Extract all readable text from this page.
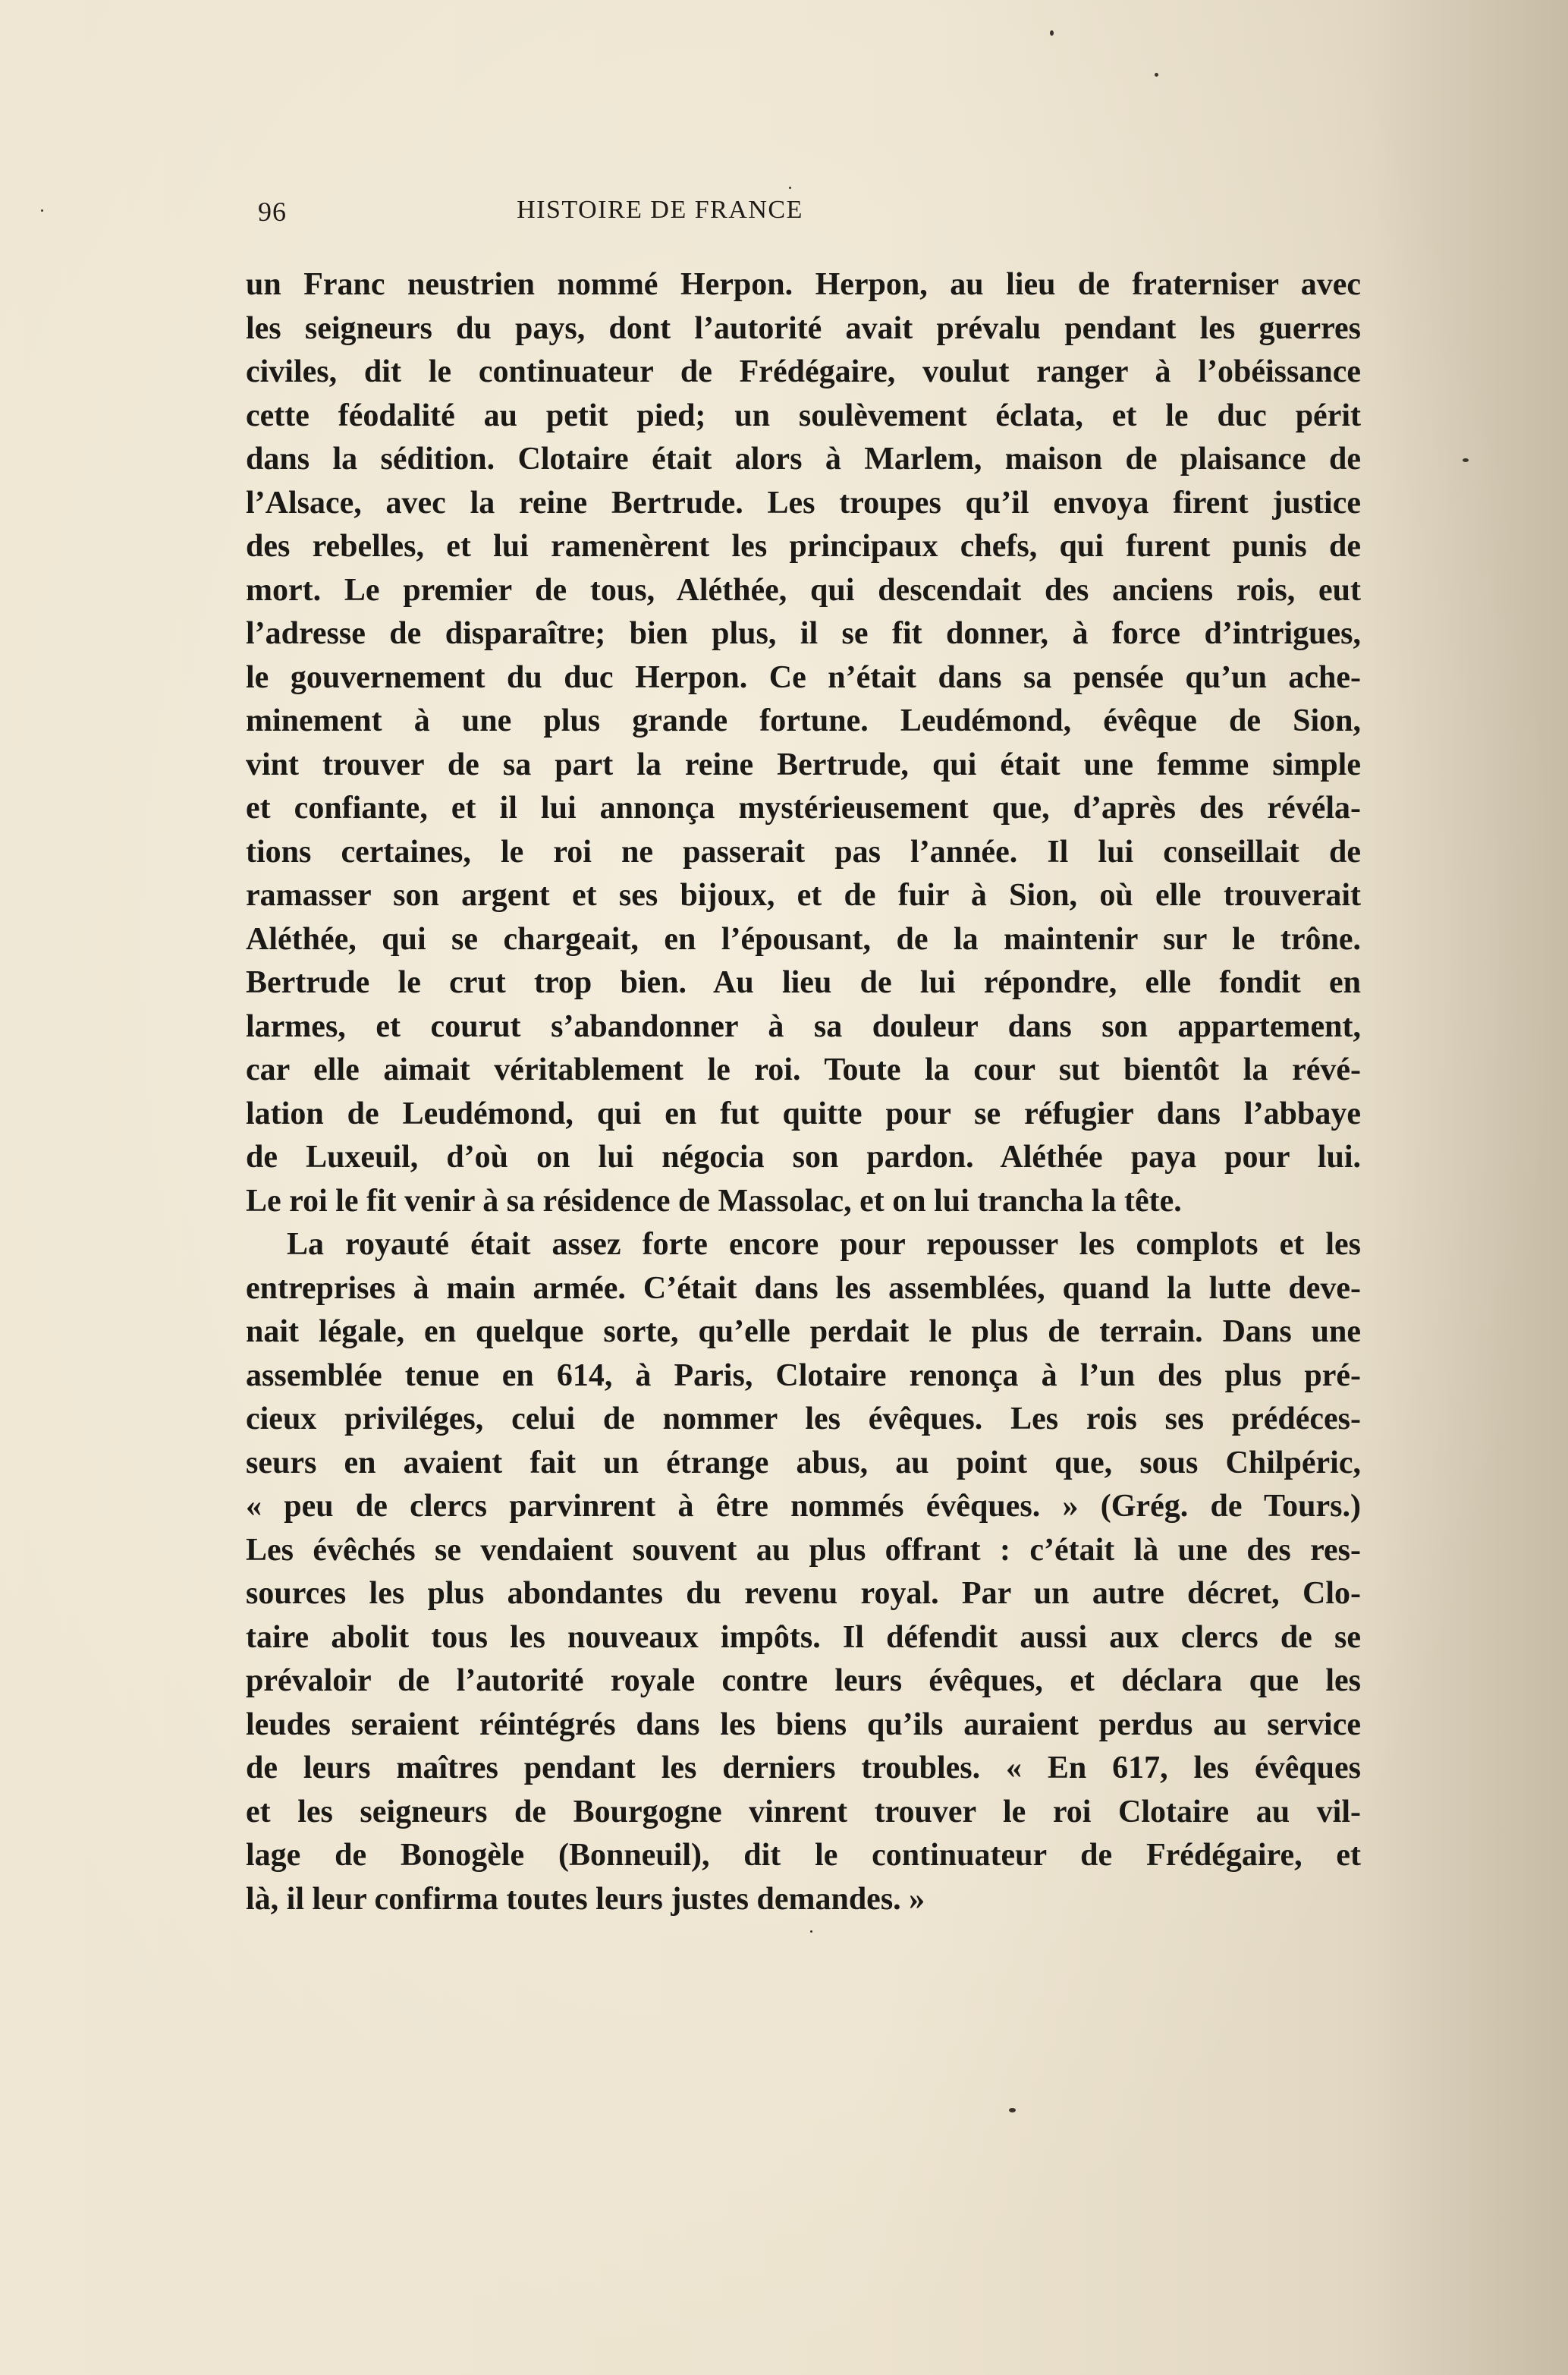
96	HISTOIRE DE FRANCE
un Franc neustrien nommé Herpon. Herpon, au lieu de fraterniser avec
les seigneurs du pays, dont l’autorité avait prévalu pendant les guerres
civiles, dit le continuateur de Frédégaire, voulut ranger à l’obéissance
cette féodalité au petit pied; un soulèvement éclata, et le duc périt
dans la sédition. Clotaire était alors à Marlem, maison de plaisance de
l’Alsace, avec la reine Bertrude. Les troupes qu’il envoya firent justice
des rebelles, et lui ramenèrent les principaux chefs, qui furent punis de
mort. Le premier de tous, Aléthée, qui descendait des anciens rois, eut
l’adresse de disparaître; bien plus, il se fit donner, à force d’intrigues,
le gouvernement du duc Herpon. Ce n’était dans sa pensée qu’un ache-
minement à une plus grande fortune. Leudémond, évêque de Sion,
vint trouver de sa part la reine Bertrude, qui était une femme simple
et confiante, et il lui annonça mystérieusement que, d’après des révéla-
tions certaines, le roi ne passerait pas l’année. Il lui conseillait de
ramasser son argent et ses bijoux, et de fuir à Sion, où elle trouverait
Aléthée, qui se chargeait, en l’épousant, de la maintenir sur le trône.
Bertrude le crut trop bien. Au lieu de lui répondre, elle fondit en
larmes, et courut s’abandonner à sa douleur dans son appartement,
car elle aimait véritablement le roi. Toute la cour sut bientôt la révé-
lation de Leudémond, qui en fut quitte pour se réfugier dans l’abbaye
de Luxeuil, d’où on lui négocia son pardon. Aléthée paya pour lui.
Le roi le fit venir à sa résidence de Massolac, et on lui trancha la tête.
La royauté était assez forte encore pour repousser les complots et les
entreprises à main armée. C’était dans les assemblées, quand la lutte deve-
nait légale, en quelque sorte, qu’elle perdait le plus de terrain. Dans une
assemblée tenue en 614, à Paris, Clotaire renonça à l’un des plus pré-
cieux priviléges, celui de nommer les évêques. Les rois ses prédéces-
seurs en avaient fait un étrange abus, au point que, sous Chilpéric,
« peu de clercs parvinrent à être nommés évêques. » (Grég. de Tours.)
Les évêchés se vendaient souvent au plus offrant : c’était là une des res-
sources les plus abondantes du revenu royal. Par un autre décret, Clo-
taire abolit tous les nouveaux impôts. Il défendit aussi aux clercs de se
prévaloir de l’autorité royale contre leurs évêques, et déclara que les
leudes seraient réintégrés dans les biens qu’ils auraient perdus au service
de leurs maîtres pendant les derniers troubles. « En 617, les évêques
et les seigneurs de Bourgogne vinrent trouver le roi Clotaire au vil-
lage de Bonogèle (Bonneuil), dit le continuateur de Frédégaire, et
là, il leur confirma toutes leurs justes demandes. »
